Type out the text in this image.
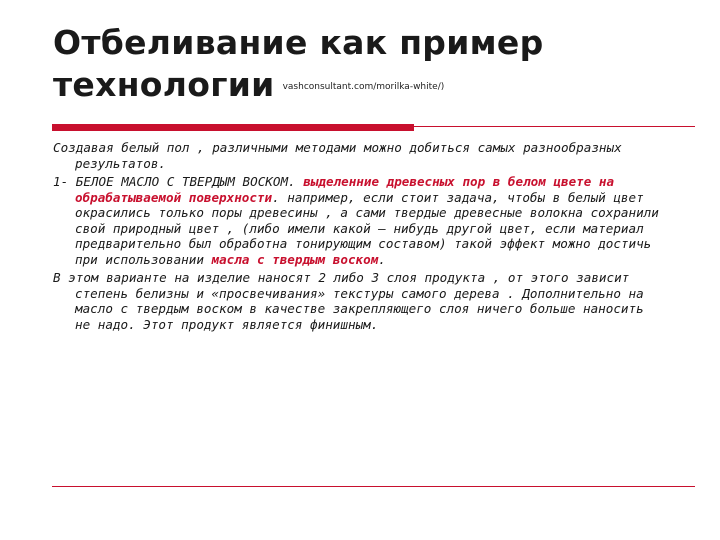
Отбеливание как пример
технологии vashconsultant.com/morilka-white/)

Создавая белый пол , различными методами можно добиться самых разнообразных результатов.

1- БЕЛОЕ МАСЛО С ТВЕРДЫМ ВОСКОМ. выделенние древесных пор в белом цвете на обрабатываемой поверхности. например, если стоит задача, чтобы в белый цвет окрасились только поры древесины , а сами твердые древесные волокна сохранили свой природный цвет , (либо имели какой – нибудь другой цвет, если материал предварительно был обработна тонирующим составом) такой эффект можно достичь при использовании масла с твердым воском.

В этом варианте на изделие наносят 2 либо 3 слоя продукта , от этого зависит степень белизны и «просвечивания» текстуры самого дерева . Дополнительно на масло с твердым воском в качестве закрепляющего слоя ничего больше наносить не надо. Этот продукт является финишным.
